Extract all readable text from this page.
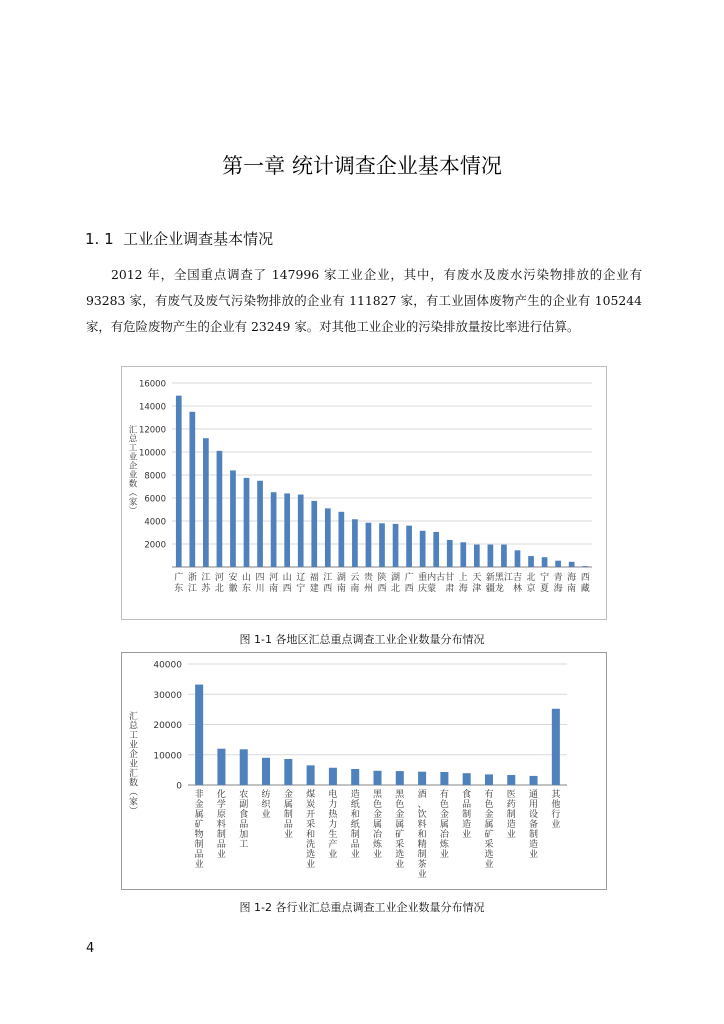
第一章 统计调查企业基本情况
1. 1 工业企业调查基本情况

2012 年，全国重点调查了 147996 家工业企业，其中，有废水及废水污染物排放的企业有 93283 家，有废气及废气污染物排放的企业有 111827 家，有工业固体废物产生的企业有 105244 家，有危险废物产生的企业有 23249 家。对其他工业企业的污染排放量按比率进行估算。

2000
4000
6000
8000
10000
12000
14000
16000
汇总工业企业数（家）
广
东
浙
江
江
苏
河
北
安
徽
山
东
四
川
河
南
山
西
辽
宁
福
建
江
西
湖
南
云
南
贵
州
陕
西
湖
北
广
西
重
庆
内
蒙
古 甘
肃
上
海
天
津
新
疆
黑
龙
江 吉
林
北
京
宁
夏
青
海
海
南
西
藏

图 1-1 各地区汇总重点调查工业企业数量分布情况

0
10000
20000
30000
40000
汇总工业企业汇数（家）	非
金
属
矿
物
制
品
业
化
学
原
料
制
品
业
农
副
食
品
加
工
纺
织
业
金
属
制
品
业
煤
炭
开
采
和
洗
选
业
电
力
热
力
生
产
业
造
纸
和
纸
制
品
业
黑
色
金
属
冶
炼
业
黑
色
金
属
矿
采
选
业
酒
、
饮
料
和
精
制
茶
业
有
色
金
属
冶
炼
业
食
品
制
造
业
有
色
金
属
矿
采
选
业
医
药
制
造
业
通
用
设
备
制
造
业
其
他
行
业

图 1-2 各行业汇总重点调查工业企业数量分布情况

4
